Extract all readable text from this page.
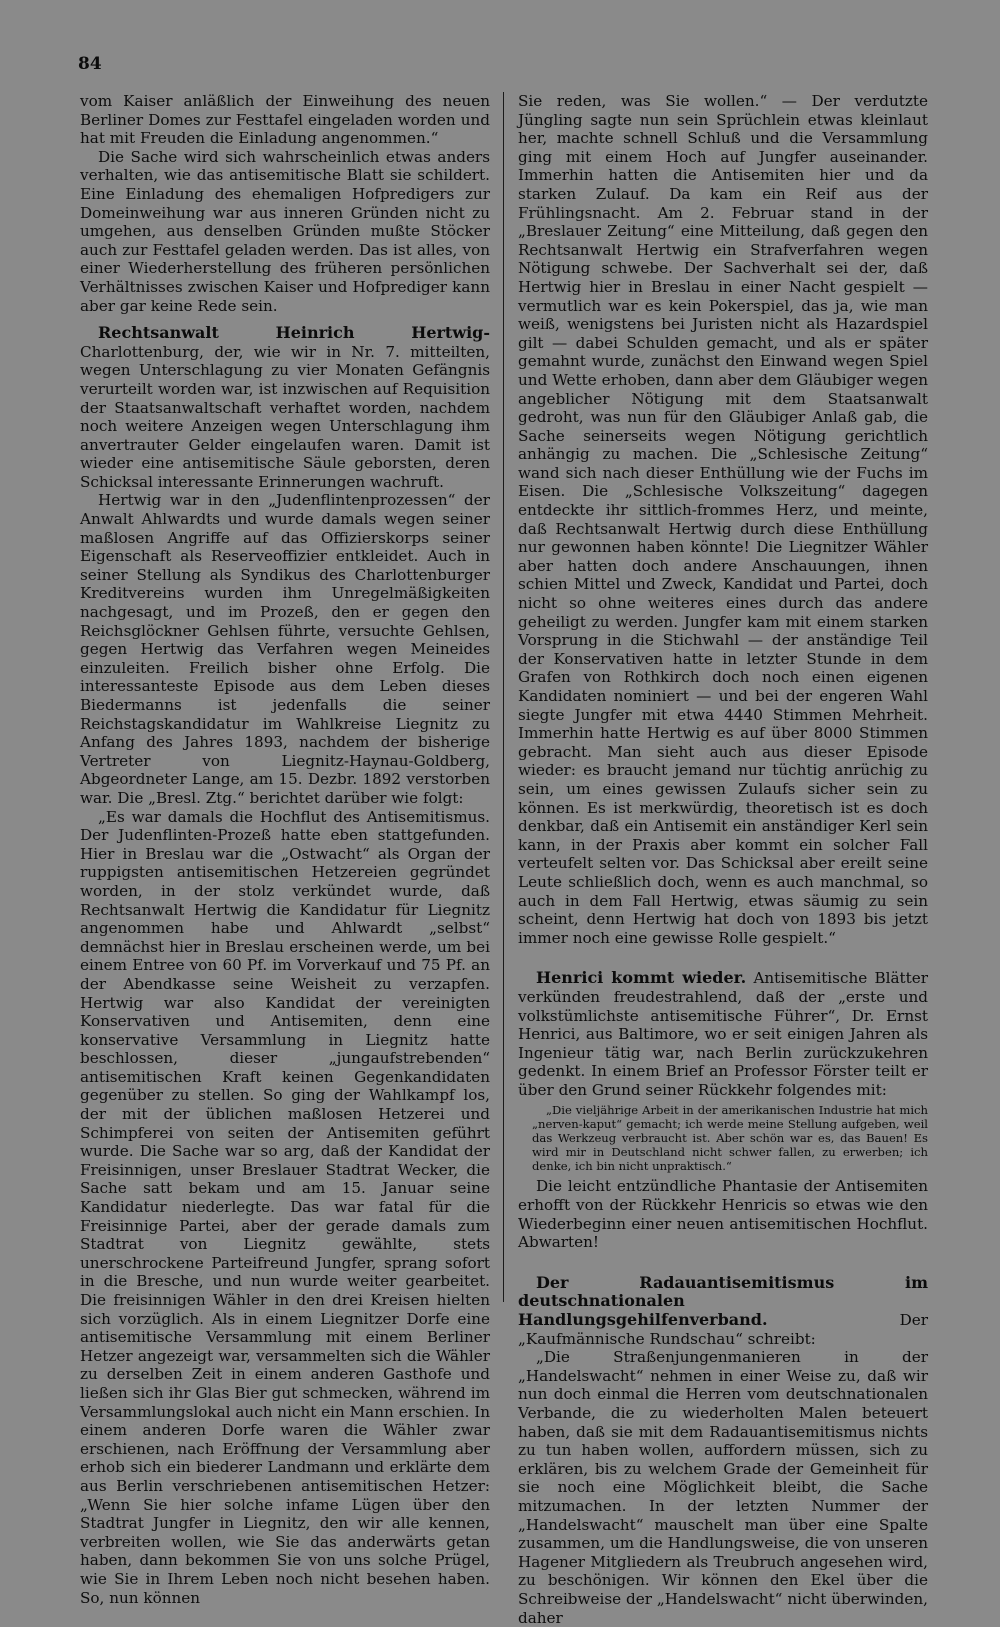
84

vom Kaiser anläßlich der Einweihung des neuen Berliner Domes zur Festtafel eingeladen worden und hat mit Freuden die Einladung angenommen.“

Die Sache wird sich wahrscheinlich etwas anders verhalten, wie das antisemitische Blatt sie schildert. Eine Einladung des ehemaligen Hofpredigers zur Domeinweihung war aus inneren Gründen nicht zu umgehen, aus denselben Gründen mußte Stöcker auch zur Festtafel geladen werden. Das ist alles, von einer Wiederherstellung des früheren persönlichen Verhältnisses zwischen Kaiser und Hofprediger kann aber gar keine Rede sein.

Rechtsanwalt Heinrich Hertwig-Charlottenburg, der, wie wir in Nr. 7. mitteilten, wegen Unterschlagung zu vier Monaten Gefängnis verurteilt worden war, ist inzwischen auf Requisition der Staatsanwaltschaft verhaftet worden, nachdem noch weitere Anzeigen wegen Unterschlagung ihm anvertrauter Gelder eingelaufen waren. Damit ist wieder eine antisemitische Säule geborsten, deren Schicksal interessante Erinnerungen wachruft.

Hertwig war in den „Judenflintenprozessen“ der Anwalt Ahlwardts und wurde damals wegen seiner maßlosen Angriffe auf das Offizierskorps seiner Eigenschaft als Reserveoffizier entkleidet. Auch in seiner Stellung als Syndikus des Charlottenburger Kreditvereins wurden ihm Unregelmäßigkeiten nachgesagt, und im Prozeß, den er gegen den Reichsglöckner Gehlsen führte, versuchte Gehlsen, gegen Hertwig das Verfahren wegen Meineides einzuleiten. Freilich bisher ohne Erfolg. Die interessanteste Episode aus dem Leben dieses Biedermanns ist jedenfalls die seiner Reichstagskandidatur im Wahlkreise Liegnitz zu Anfang des Jahres 1893, nachdem der bisherige Vertreter von Liegnitz-Haynau-Goldberg, Abgeordneter Lange, am 15. Dezbr. 1892 verstorben war. Die „Bresl. Ztg.“ berichtet darüber wie folgt:

„Es war damals die Hochflut des Antisemitismus. Der Judenflinten-Prozeß hatte eben stattgefunden. Hier in Breslau war die „Ostwacht“ als Organ der ruppigsten antisemitischen Hetzereien gegründet worden, in der stolz verkündet wurde, daß Rechtsanwalt Hertwig die Kandidatur für Liegnitz angenommen habe und Ahlwardt „selbst“ demnächst hier in Breslau erscheinen werde, um bei einem Entree von 60 Pf. im Vorverkauf und 75 Pf. an der Abendkasse seine Weisheit zu verzapfen. Hertwig war also Kandidat der vereinigten Konservativen und Antisemiten, denn eine konservative Versammlung in Liegnitz hatte beschlossen, dieser „jungaufstrebenden“ antisemitischen Kraft keinen Gegenkandidaten gegenüber zu stellen. So ging der Wahlkampf los, der mit der üblichen maßlosen Hetzerei und Schimpferei von seiten der Antisemiten geführt wurde. Die Sache war so arg, daß der Kandidat der Freisinnigen, unser Breslauer Stadtrat Wecker, die Sache satt bekam und am 15. Januar seine Kandidatur niederlegte. Das war fatal für die Freisinnige Partei, aber der gerade damals zum Stadtrat von Liegnitz gewählte, stets unerschrockene Parteifreund Jungfer, sprang sofort in die Bresche, und nun wurde weiter gearbeitet. Die freisinnigen Wähler in den drei Kreisen hielten sich vorzüglich. Als in einem Liegnitzer Dorfe eine antisemitische Versammlung mit einem Berliner Hetzer angezeigt war, versammelten sich die Wähler zu derselben Zeit in einem anderen Gasthofe und ließen sich ihr Glas Bier gut schmecken, während im Versammlungslokal auch nicht ein Mann erschien. In einem anderen Dorfe waren die Wähler zwar erschienen, nach Eröffnung der Versammlung aber erhob sich ein biederer Landmann und erklärte dem aus Berlin verschriebenen antisemitischen Hetzer: „Wenn Sie hier solche infame Lügen über den Stadtrat Jungfer in Liegnitz, den wir alle kennen, verbreiten wollen, wie Sie das anderwärts getan haben, dann bekommen Sie von uns solche Prügel, wie Sie in Ihrem Leben noch nicht besehen haben. So, nun können

Sie reden, was Sie wollen.“ — Der verdutzte Jüngling sagte nun sein Sprüchlein etwas kleinlaut her, machte schnell Schluß und die Versammlung ging mit einem Hoch auf Jungfer auseinander. Immerhin hatten die Antisemiten hier und da starken Zulauf. Da kam ein Reif aus der Frühlingsnacht. Am 2. Februar stand in der „Breslauer Zeitung“ eine Mitteilung, daß gegen den Rechtsanwalt Hertwig ein Strafverfahren wegen Nötigung schwebe. Der Sachverhalt sei der, daß Hertwig hier in Breslau in einer Nacht gespielt — vermutlich war es kein Pokerspiel, das ja, wie man weiß, wenigstens bei Juristen nicht als Hazardspiel gilt — dabei Schulden gemacht, und als er später gemahnt wurde, zunächst den Einwand wegen Spiel und Wette erhoben, dann aber dem Gläubiger wegen angeblicher Nötigung mit dem Staatsanwalt gedroht, was nun für den Gläubiger Anlaß gab, die Sache seinerseits wegen Nötigung gerichtlich anhängig zu machen. Die „Schlesische Zeitung“ wand sich nach dieser Enthüllung wie der Fuchs im Eisen. Die „Schlesische Volkszeitung“ dagegen entdeckte ihr sittlich-frommes Herz, und meinte, daß Rechtsanwalt Hertwig durch diese Enthüllung nur gewonnen haben könnte! Die Liegnitzer Wähler aber hatten doch andere Anschauungen, ihnen schien Mittel und Zweck, Kandidat und Partei, doch nicht so ohne weiteres eines durch das andere geheiligt zu werden. Jungfer kam mit einem starken Vorsprung in die Stichwahl — der anständige Teil der Konservativen hatte in letzter Stunde in dem Grafen von Rothkirch doch noch einen eigenen Kandidaten nominiert — und bei der engeren Wahl siegte Jungfer mit etwa 4440 Stimmen Mehrheit. Immerhin hatte Hertwig es auf über 8000 Stimmen gebracht. Man sieht auch aus dieser Episode wieder: es braucht jemand nur tüchtig anrüchig zu sein, um eines gewissen Zulaufs sicher sein zu können. Es ist merkwürdig, theoretisch ist es doch denkbar, daß ein Antisemit ein anständiger Kerl sein kann, in der Praxis aber kommt ein solcher Fall verteufelt selten vor. Das Schicksal aber ereilt seine Leute schließlich doch, wenn es auch manchmal, so auch in dem Fall Hertwig, etwas säumig zu sein scheint, denn Hertwig hat doch von 1893 bis jetzt immer noch eine gewisse Rolle gespielt.“

Henrici kommt wieder. Antisemitische Blätter verkünden freudestrahlend, daß der „erste und volkstümlichste antisemitische Führer“, Dr. Ernst Henrici, aus Baltimore, wo er seit einigen Jahren als Ingenieur tätig war, nach Berlin zurückzukehren gedenkt. In einem Brief an Professor Förster teilt er über den Grund seiner Rückkehr folgendes mit:

„Die vieljährige Arbeit in der amerikanischen Industrie hat mich „nerven-kaput“ gemacht; ich werde meine Stellung aufgeben, weil das Werkzeug verbraucht ist. Aber schön war es, das Bauen! Es wird mir in Deutschland nicht schwer fallen, zu erwerben; ich denke, ich bin nicht unpraktisch.“

Die leicht entzündliche Phantasie der Antisemiten erhofft von der Rückkehr Henricis so etwas wie den Wiederbeginn einer neuen antisemitischen Hochflut. Abwarten!

Der Radauantisemitismus im deutschnationalen Handlungsgehilfenverband.	Der „Kaufmännische Rundschau“ schreibt:

„Die Straßenjungenmanieren in der „Handelswacht“ nehmen in einer Weise zu, daß wir nun doch einmal die Herren vom deutschnationalen Verbande, die zu wiederholten Malen beteuert haben, daß sie mit dem Radauantisemitismus nichts zu tun haben wollen, auffordern müssen, sich zu erklären, bis zu welchem Grade der Gemeinheit für sie noch eine Möglichkeit bleibt, die Sache mitzumachen. In der letzten Nummer der „Handelswacht“ mauschelt man über eine Spalte zusammen, um die Handlungsweise, die von unseren Hagener Mitgliedern als Treubruch angesehen wird, zu beschönigen. Wir können den Ekel über die Schreibweise der „Handelswacht“ nicht überwinden, daher
